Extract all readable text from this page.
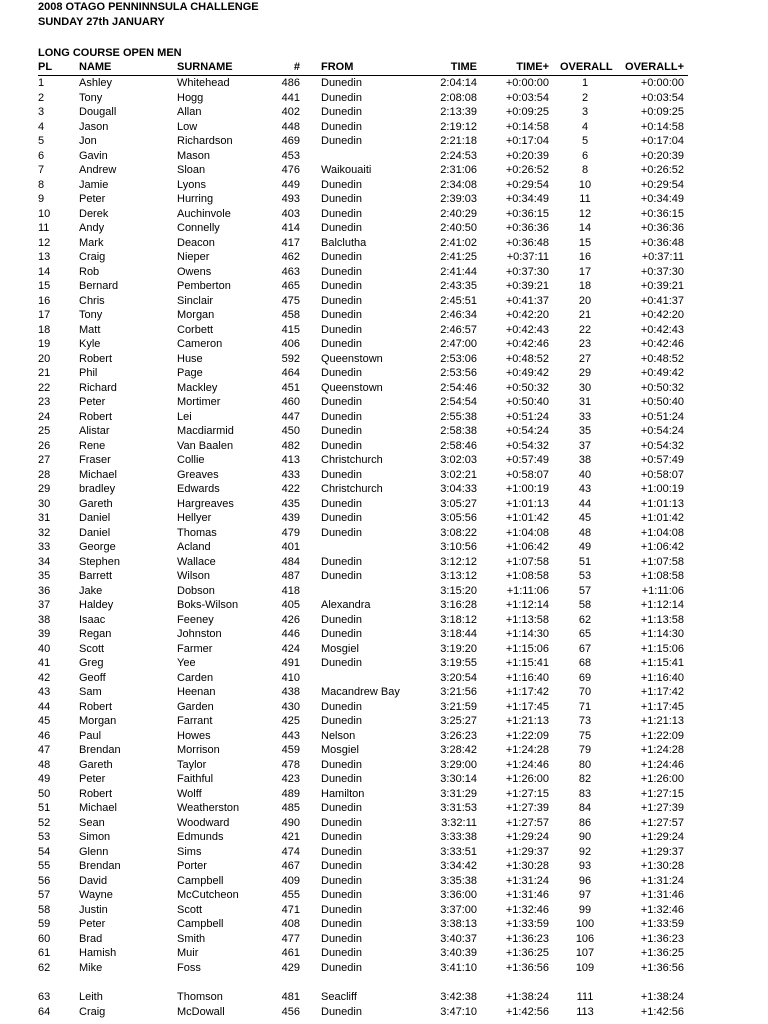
2008 OTAGO PENNINNSULA CHALLENGE
SUNDAY 27th JANUARY
LONG COURSE OPEN MEN
PL NAME	SURNAME	# FROM	TIME	TIME+ OVERALL	OVERALL+
1	Ashley	Whitehead	486 Dunedin	2:04:14	+0:00:00	1	+0:00:00
2	Tony	Hogg	441 Dunedin	2:08:08	+0:03:54	2	+0:03:54
3	Dougall	Allan	402 Dunedin	2:13:39	+0:09:25	3	+0:09:25
4	Jason	Low	448 Dunedin	2:19:12	+0:14:58	4	+0:14:58
5	Jon	Richardson	469 Dunedin	2:21:18	+0:17:04	5	+0:17:04
6	Gavin	Mason	453	2:24:53	+0:20:39	6	+0:20:39
7	Andrew	Sloan	476 Waikouaiti	2:31:06	+0:26:52	8	+0:26:52
8	Jamie	Lyons	449 Dunedin	2:34:08	+0:29:54	10	+0:29:54
9	Peter	Hurring	493 Dunedin	2:39:03	+0:34:49	11	+0:34:49
10	Derek	Auchinvole	403 Dunedin	2:40:29	+0:36:15	12	+0:36:15
11	Andy	Connelly	414 Dunedin	2:40:50	+0:36:36	14	+0:36:36
12	Mark	Deacon	417 Balclutha	2:41:02	+0:36:48	15	+0:36:48
13	Craig	Nieper	462 Dunedin	2:41:25	+0:37:11	16	+0:37:11
14	Rob	Owens	463 Dunedin	2:41:44	+0:37:30	17	+0:37:30
15	Bernard	Pemberton	465 Dunedin	2:43:35	+0:39:21	18	+0:39:21
16	Chris	Sinclair	475 Dunedin	2:45:51	+0:41:37	20	+0:41:37
17	Tony	Morgan	458 Dunedin	2:46:34	+0:42:20	21	+0:42:20
18	Matt	Corbett	415 Dunedin	2:46:57	+0:42:43	22	+0:42:43
19	Kyle	Cameron	406 Dunedin	2:47:00	+0:42:46	23	+0:42:46
20	Robert	Huse	592 Queenstown	2:53:06	+0:48:52	27	+0:48:52
21	Phil	Page	464 Dunedin	2:53:56	+0:49:42	29	+0:49:42
22	Richard	Mackley	451 Queenstown	2:54:46	+0:50:32	30	+0:50:32
23	Peter	Mortimer	460 Dunedin	2:54:54	+0:50:40	31	+0:50:40
24	Robert	Lei	447 Dunedin	2:55:38	+0:51:24	33	+0:51:24
25	Alistar	Macdiarmid	450 Dunedin	2:58:38	+0:54:24	35	+0:54:24
26	Rene	Van Baalen	482 Dunedin	2:58:46	+0:54:32	37	+0:54:32
27	Fraser	Collie	413 Christchurch	3:02:03	+0:57:49	38	+0:57:49
28	Michael	Greaves	433 Dunedin	3:02:21	+0:58:07	40	+0:58:07
29	bradley	Edwards	422 Christchurch	3:04:33	+1:00:19	43	+1:00:19
30	Gareth	Hargreaves	435 Dunedin	3:05:27	+1:01:13	44	+1:01:13
31	Daniel	Hellyer	439 Dunedin	3:05:56	+1:01:42	45	+1:01:42
32	Daniel	Thomas	479 Dunedin	3:08:22	+1:04:08	48	+1:04:08
33	George	Acland	401	3:10:56	+1:06:42	49	+1:06:42
34	Stephen	Wallace	484 Dunedin	3:12:12	+1:07:58	51	+1:07:58
35	Barrett	Wilson	487 Dunedin	3:13:12	+1:08:58	53	+1:08:58
36	Jake	Dobson	418	3:15:20	+1:11:06	57	+1:11:06
37	Haldey	Boks-Wilson	405 Alexandra	3:16:28	+1:12:14	58	+1:12:14
38	Isaac	Feeney	426 Dunedin	3:18:12	+1:13:58	62	+1:13:58
39	Regan	Johnston	446 Dunedin	3:18:44	+1:14:30	65	+1:14:30
40	Scott	Farmer	424 Mosgiel	3:19:20	+1:15:06	67	+1:15:06
41	Greg	Yee	491 Dunedin	3:19:55	+1:15:41	68	+1:15:41
42	Geoff	Carden	410	3:20:54	+1:16:40	69	+1:16:40
43	Sam	Heenan	438 Macandrew Bay	3:21:56	+1:17:42	70	+1:17:42
44	Robert	Garden	430 Dunedin	3:21:59	+1:17:45	71	+1:17:45
45	Morgan	Farrant	425 Dunedin	3:25:27	+1:21:13	73	+1:21:13
46	Paul	Howes	443 Nelson	3:26:23	+1:22:09	75	+1:22:09
47	Brendan	Morrison	459 Mosgiel	3:28:42	+1:24:28	79	+1:24:28
48	Gareth	Taylor	478 Dunedin	3:29:00	+1:24:46	80	+1:24:46
49	Peter	Faithful	423 Dunedin	3:30:14	+1:26:00	82	+1:26:00
50	Robert	Wolff	489 Hamilton	3:31:29	+1:27:15	83	+1:27:15
51	Michael	Weatherston	485 Dunedin	3:31:53	+1:27:39	84	+1:27:39
52	Sean	Woodward	490 Dunedin	3:32:11	+1:27:57	86	+1:27:57
53	Simon	Edmunds	421 Dunedin	3:33:38	+1:29:24	90	+1:29:24
54	Glenn	Sims	474 Dunedin	3:33:51	+1:29:37	92	+1:29:37
55	Brendan	Porter	467 Dunedin	3:34:42	+1:30:28	93	+1:30:28
56	David	Campbell	409 Dunedin	3:35:38	+1:31:24	96	+1:31:24
57	Wayne	McCutcheon	455 Dunedin	3:36:00	+1:31:46	97	+1:31:46
58	Justin	Scott	471 Dunedin	3:37:00	+1:32:46	99	+1:32:46
59	Peter	Campbell	408 Dunedin	3:38:13	+1:33:59	100	+1:33:59
60	Brad	Smith	477 Dunedin	3:40:37	+1:36:23	106	+1:36:23
61	Hamish	Muir	461 Dunedin	3:40:39	+1:36:25	107	+1:36:25
62	Mike	Foss	429 Dunedin	3:41:10	+1:36:56	109	+1:36:56
63	Leith	Thomson	481 Seacliff	3:42:38	+1:38:24	111	+1:38:24
64	Craig	McDowall	456 Dunedin	3:47:10	+1:42:56	113	+1:42:56
